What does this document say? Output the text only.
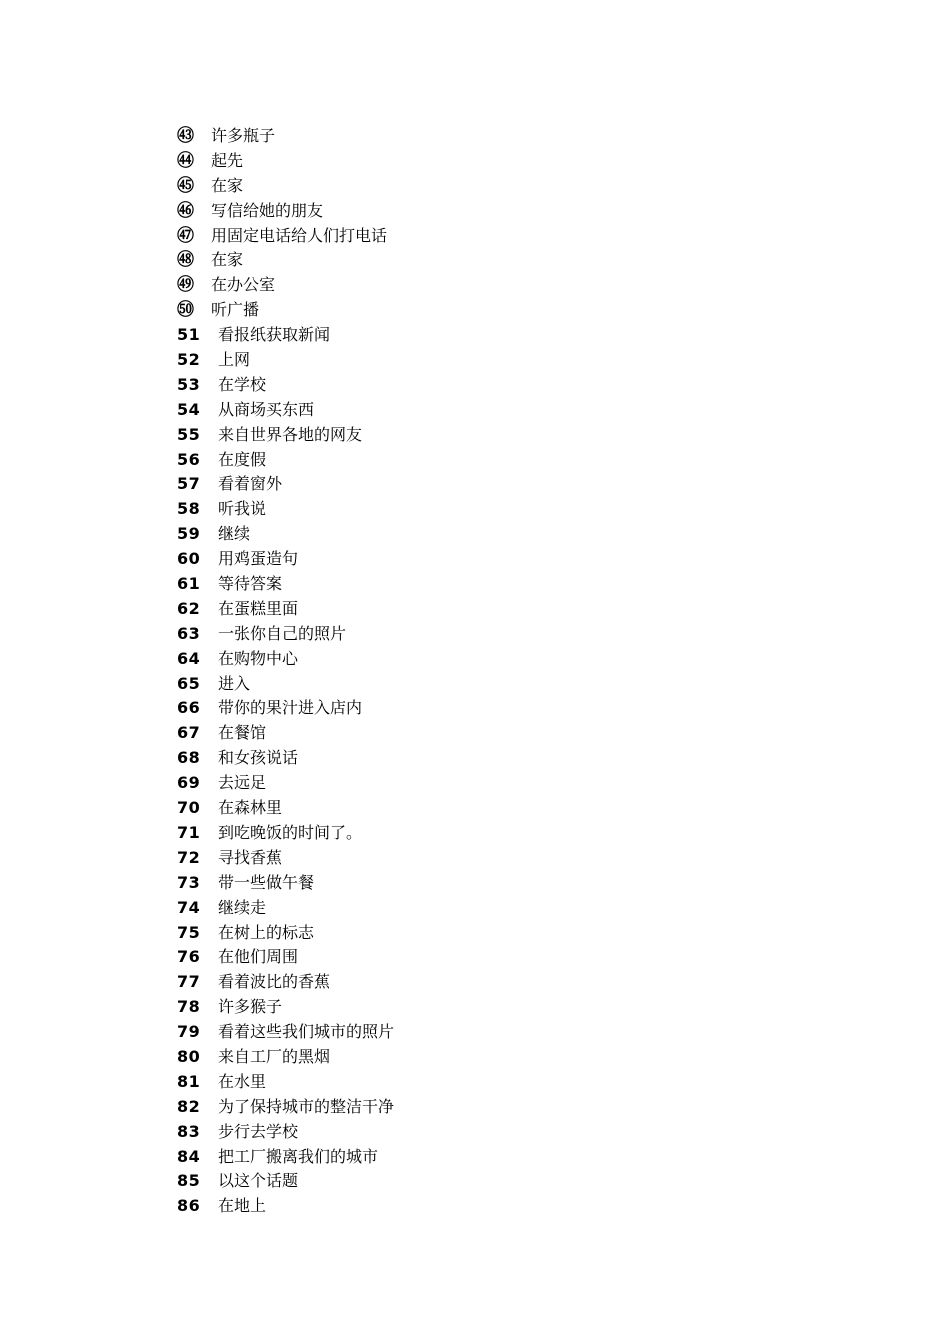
㊸	许多瓶子
㊹	起先
㊺	在家
㊻	写信给她的朋友
㊼	用固定电话给人们打电话
㊽	在家
㊾	在办公室
㊿	听广播
51	看报纸获取新闻
52	上网
53	在学校
54	从商场买东西
55	来自世界各地的网友
56	在度假
57	看着窗外
58	听我说
59	继续
60	用鸡蛋造句
61	等待答案
62	在蛋糕里面
63	一张你自己的照片
64	在购物中心
65	进入
66	带你的果汁进入店内
67	在餐馆
68	和女孩说话
69	去远足
70	在森林里
71	到吃晚饭的时间了。
72	寻找香蕉
73	带一些做午餐
74	继续走
75	在树上的标志
76	在他们周围
77	看着波比的香蕉
78	许多猴子
79	看着这些我们城市的照片
80	来自工厂的黑烟
81	在水里
82	为了保持城市的整洁干净
83	步行去学校
84	把工厂搬离我们的城市
85	以这个话题
86	在地上
